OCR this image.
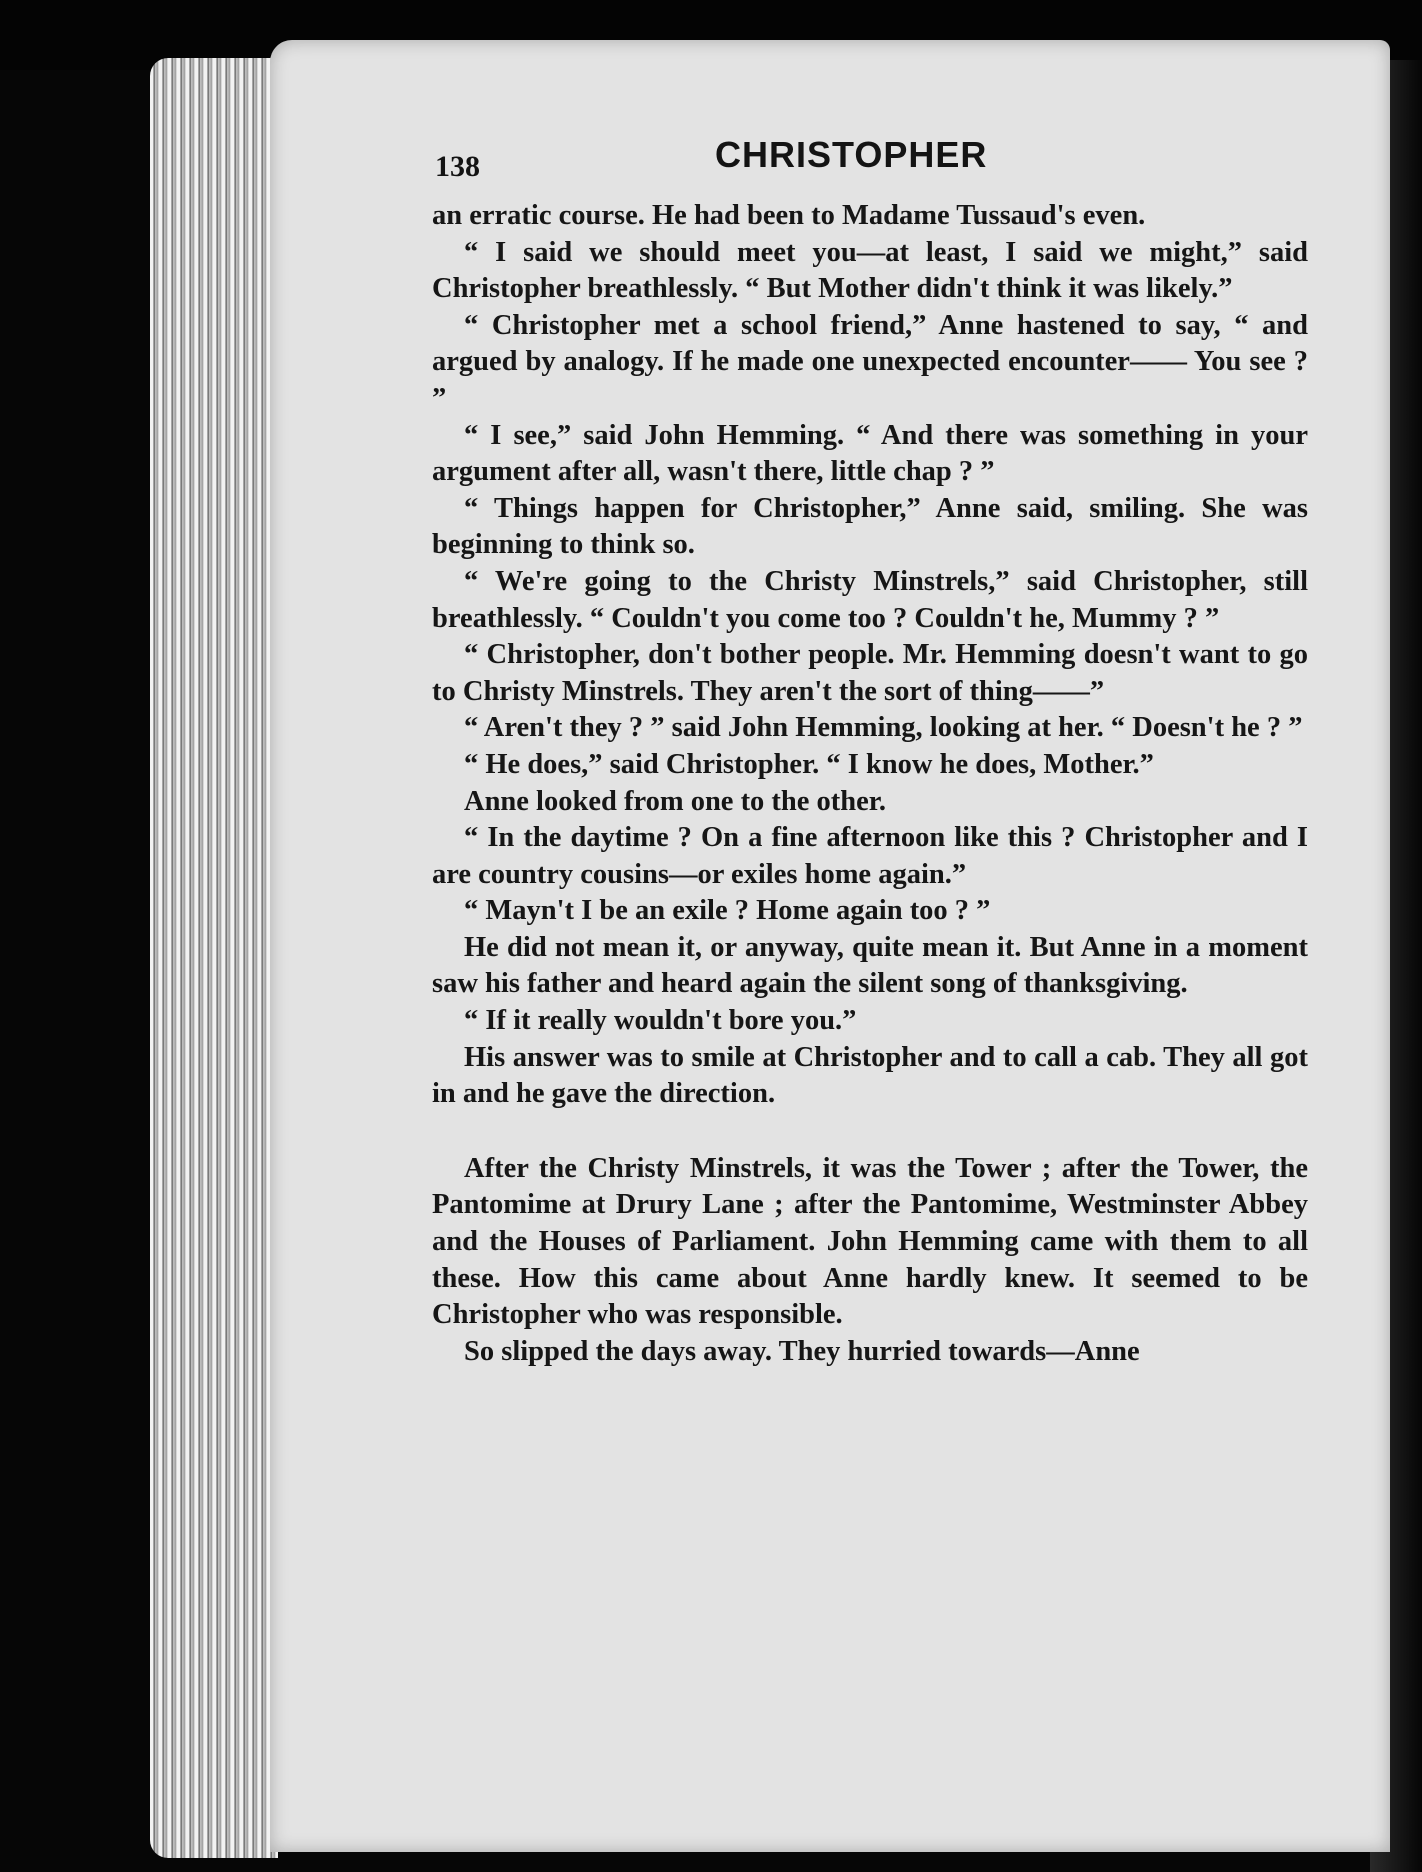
138	CHRISTOPHER

an erratic course. He had been to Madame Tussaud's even.

“ I said we should meet you—at least, I said we might,” said Christopher breathlessly. “ But Mother didn't think it was likely.”

“ Christopher met a school friend,” Anne hastened to say, “ and argued by analogy. If he made one unexpected encounter—— You see ? ”

“ I see,” said John Hemming. “ And there was something in your argument after all, wasn't there, little chap ? ”

“ Things happen for Christopher,” Anne said, smiling. She was beginning to think so.

“ We're going to the Christy Minstrels,” said Christopher, still breathlessly. “ Couldn't you come too ? Couldn't he, Mummy ? ”

“ Christopher, don't bother people. Mr. Hemming doesn't want to go to Christy Minstrels. They aren't the sort of thing——”

“ Aren't they ? ” said John Hemming, looking at her. “ Doesn't he ? ”

“ He does,” said Christopher. “ I know he does, Mother.”

Anne looked from one to the other.

“ In the daytime ? On a fine afternoon like this ? Christopher and I are country cousins—or exiles home again.”

“ Mayn't I be an exile ? Home again too ? ”

He did not mean it, or anyway, quite mean it. But Anne in a moment saw his father and heard again the silent song of thanksgiving.

“ If it really wouldn't bore you.”

His answer was to smile at Christopher and to call a cab. They all got in and he gave the direction.

After the Christy Minstrels, it was the Tower ; after the Tower, the Pantomime at Drury Lane ; after the Pantomime, Westminster Abbey and the Houses of Parliament. John Hemming came with them to all these. How this came about Anne hardly knew. It seemed to be Christopher who was responsible.

So slipped the days away. They hurried towards—Anne
